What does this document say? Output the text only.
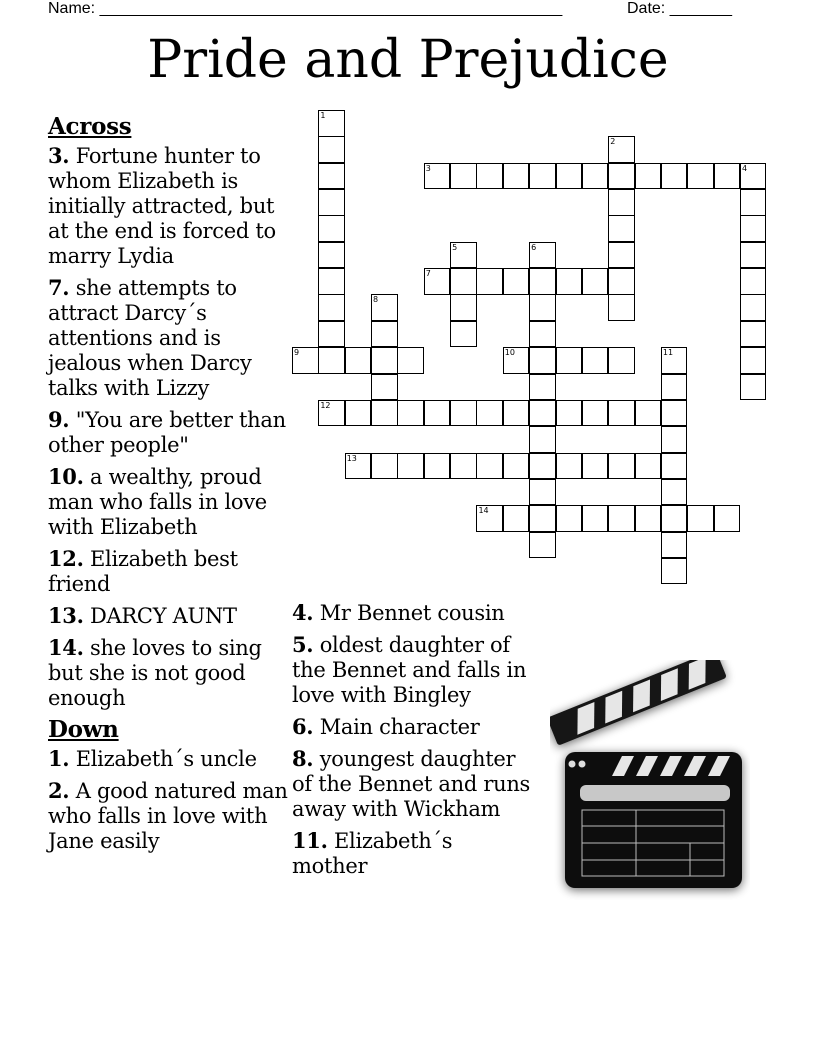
Name: ____________________________________________________	Date: _______
Pride and Prejudice
1
2
3	4
5	6
7
8
9	10	11
12
13
14
Across
3. Fortune hunter to whom Elizabeth is initially attracted, but at the end is forced to marry Lydia
7. she attempts to attract Darcy´s attentions and is jealous when Darcy talks with Lizzy
9. "You are better than other people"
10. a wealthy, proud man who falls in love with Elizabeth
12. Elizabeth best friend
13. DARCY AUNT
14. she loves to sing but she is not good enough
Down
1. Elizabeth´s uncle
2. A good natured man who falls in love with Jane easily
4. Mr Bennet cousin
5. oldest daughter of the Bennet and falls in love with Bingley
6. Main character
8. youngest daughter of the Bennet and runs away with Wickham
11. Elizabeth´s mother
